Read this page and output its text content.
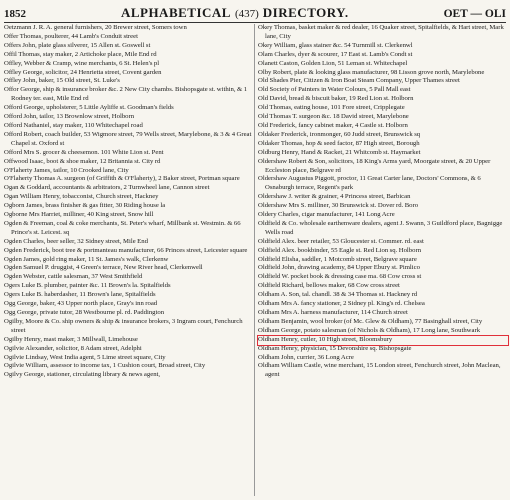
1852	ALPHABETICAL (437) DIRECTORY.	OET — OLI
Oetzmann J. R. A. general furnishers, 20 Brewer street, Somers town
Offer Thomas, poulterer, 44 Lamb's Conduit street
Offers John, plate glass silverer, 15 Allen st. Goswell st
Offil Thomas, stay maker, 2 Artichoke place, Mile End rd
Offley, Webber & Cramp, wine merchants, 6 St. Helen's pl
Offley George, solicitor, 24 Henrietta street, Covent garden
Offley John, baker, 15 Old street, St. Luke's
Offor George, ship & insurance broker &c. 2 New City chambs. Bishopsgate st. within, & 1 Rodney ter. east, Mile End rd
Offord George, upholsterer, 5 Little Ayliffe st. Goodman's fields
Offord John, tailor, 13 Brownlow street, Holborn
Offord Nathaniel, stay maker, 110 Whitechapel road
Offord Robert, coach builder, 53 Wigmore street, 79 Wells street, Marylebone, & 3 & 4 Great Chapel st. Oxford st
Offord Mrs S. grocer & cheesemon. 101 White Lion st. Pent
Offwood Isaac, boot & shoe maker, 12 Britannia st. City rd
O'Flaherty James, tailor, 10 Crooked lane, City
O'Flaherty Thomas A. surgeon (of Griffith & O'Flaherty), 2 Baker street, Portman square
Ogan & Goddard, accountants & arbitrators, 2 Turnwheel lane, Cannon street
Ogan William Henry, tobacconist, Church street, Hackney
Ogborn James, brass finisher & gas fitter, 30 Riding house la
Ogborne Mrs Harriet, milliner, 40 King street, Snow hill
Ogden & Freeman, coal & coke merchants, St. Peter's wharf, Millbank st. Westmin. & 66 Prince's st. Leicest. sq
Ogden Charles, beer seller, 32 Sidney street, Mile End
Ogden Frederick, boot tree & portmanteau manufacturer, 66 Princes street, Leicester square
Ogden James, gold ring maker, 11 St. James's walk, Clerkenw
Ogden Samuel P. druggist, 4 Green's terrace, New River head, Clerkenwell
Ogden Webster, cattle salesman, 37 West Smithfield
Ogers Luke B. plumber, painter &c. 11 Brown's la. Spitalfields
Ogers Luke B. haberdasher, 11 Brown's lane, Spitalfields
Ogg George, baker, 43 Upper north place, Gray's inn road
Ogg George, private tutor, 28 Westbourne pl. rd. Paddington
Ogilby, Moore & Co. ship owners & ship & insurance brokers, 3 Ingram court, Fenchurch street
Ogilby Henry, mast maker, 3 Millwall, Limehouse
Ogilvie Alexander, solicitor, 8 Adam street, Adelphi
Ogilvie Lindsay, West India agent, 5 Lime street square, City
Ogilvie William, assessor to income tax, 1 Cushion court, Broad street, City
Ogilvy George, stationer, circulating library & news agent,
Okey Thomas, basket maker & red dealer, 16 Quaker street, Spitalfields, & Hart street, Mark lane, City
Okey William, glass stainer &c. 54 Turnmill st. Clerkenwl
Olam Charles, dyer & scourer, 17 East st. Lamb's Condt st
Olanett Caston, Golden Lion, 51 Leman st. Whitechapel
Olby Robert, plate & looking glass manufacturer, 98 Lisson grove north, Marylebone
Old Shades Pier, Citizen & Iron Boat Steam Company, Upper Thames street
Old Society of Painters in Water Colours, 5 Pall Mall east
Old David, bread & biscuit baker, 19 Red Lion st. Holborn
Old Thomas, eating house, 101 Fore street, Cripplegate
Old Thomas T. surgeon &c. 18 David street, Marylebone
Old Frederick, fancy cabinet maker, 4 Castle st. Holborn
Oldaker Frederick, ironmonger, 60 Judd street, Brunswick sq
Oldaker Thomas, hop & seed factor, 87 High street, Borough
Oldburg Henry, Hand & Racket, 21 Whitcomb st. Haymarket
Oldershaw Robert & Son, solicitors, 18 King's Arms yard, Moorgate street, & 20 Upper Eccleston place, Belgrave rd
Oldershaw Augustus Piggott, proctor, 11 Great Carter lane, Doctors' Commons, & 6 Osnaburgh terrace, Regent's park
Oldershaw J. writer & grainer, 4 Princess street, Barbican
Oldershaw Mrs S. milliner, 30 Brunswick st. Dover rd. Boro
Oldery Charles, cigar manufacturer, 141 Long Acre
Oldfield & Co. wholesale earthenware dealers, agent J. Swann, 3 Guildford place, Bagnigge Wells road
Oldfield Alex. beer retailer, 53 Gloucester st. Commer. rd. east
Oldfield Alex. bookbinder, 55 Eagle st. Red Lion sq. Holborn
Oldfield Elisha, saddler, 1 Motcomb street, Belgrave square
Oldfield John, drawing academy, 84 Upper Ebury st. Pimlico
Oldfield W. pocket book & dressing case ma. 68 Cow cross st
Oldfield Richard, bellows maker, 68 Cow cross street
Oldham A. Son, tal. chandl. 38 & 34 Thomas st. Hackney rd
Oldham Mrs A. fancy stationer, 2 Sidney pl. King's rd. Chelsea
Oldham Mrs A. harness manufacturer, 114 Church street
Oldham Benjamin, wool broker (of Mc. Glew & Oldham), 77 Basinghall street, City
Oldham George, potato salesman (of Nichols & Oldham), 17 Long lane, Southwark
Oldham Henry, cutler, 10 High street, Bloomsbury
Oldham Henry, physician, 15 Devonshire sq. Bishopsgate
Oldham John, currier, 36 Long Acre
Oldham William Castle, wine merchant, 15 London street, Fenchurch street, John Maclean, agent
